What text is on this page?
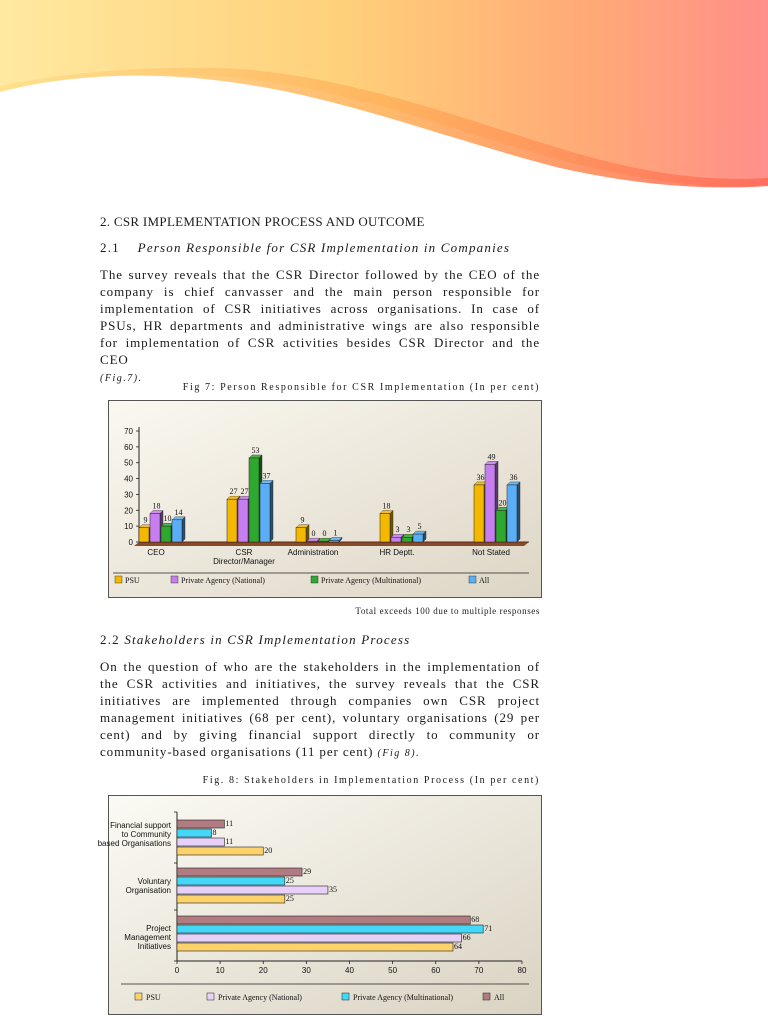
2. CSR IMPLEMENTATION PROCESS AND OUTCOME
2.1 Person Responsible for CSR Implementation in Companies
The survey reveals that the CSR Director followed by the CEO of the company is chief canvasser and the main person responsible for implementation of CSR initiatives across organisations. In case of PSUs, HR departments and administrative wings are also responsible for implementation of CSR activities besides CSR Director and the CEO
(Fig.7).
Fig 7: Person Responsible for CSR Implementation (In per cent)
0
10
20
30
40
50
60
70
9
18
10
14
27 27
53
37
9
0 0 1
18
3 3 5
36
49
20
36
CEO	CSR Director/Manager
Administration	HR Deptt.	Not Stated
PSU	Private Agency (National)	Private Agency (Multinational)	All
Total exceeds 100 due to multiple responses
2.2 Stakeholders in CSR Implementation Process
On the question of who are the stakeholders in the implementation of the CSR activities and initiatives, the survey reveals that the CSR initiatives are implemented through companies own CSR project management initiatives (68 per cent), voluntary organisations (29 per cent) and by giving financial support directly to community or community-based organisations (11 per cent) (Fig 8).
Fig. 8: Stakeholders in Implementation Process (In per cent)
0	10	20	30	40	50	60	70	80
11
8
11
20
29
25
35
25
68
71
66
64
Financial support to Community based Organisations
Voluntary Organisation
Project Management Initiatives
PSU	Private Agency (National)	Private Agency (Multinational)	All
